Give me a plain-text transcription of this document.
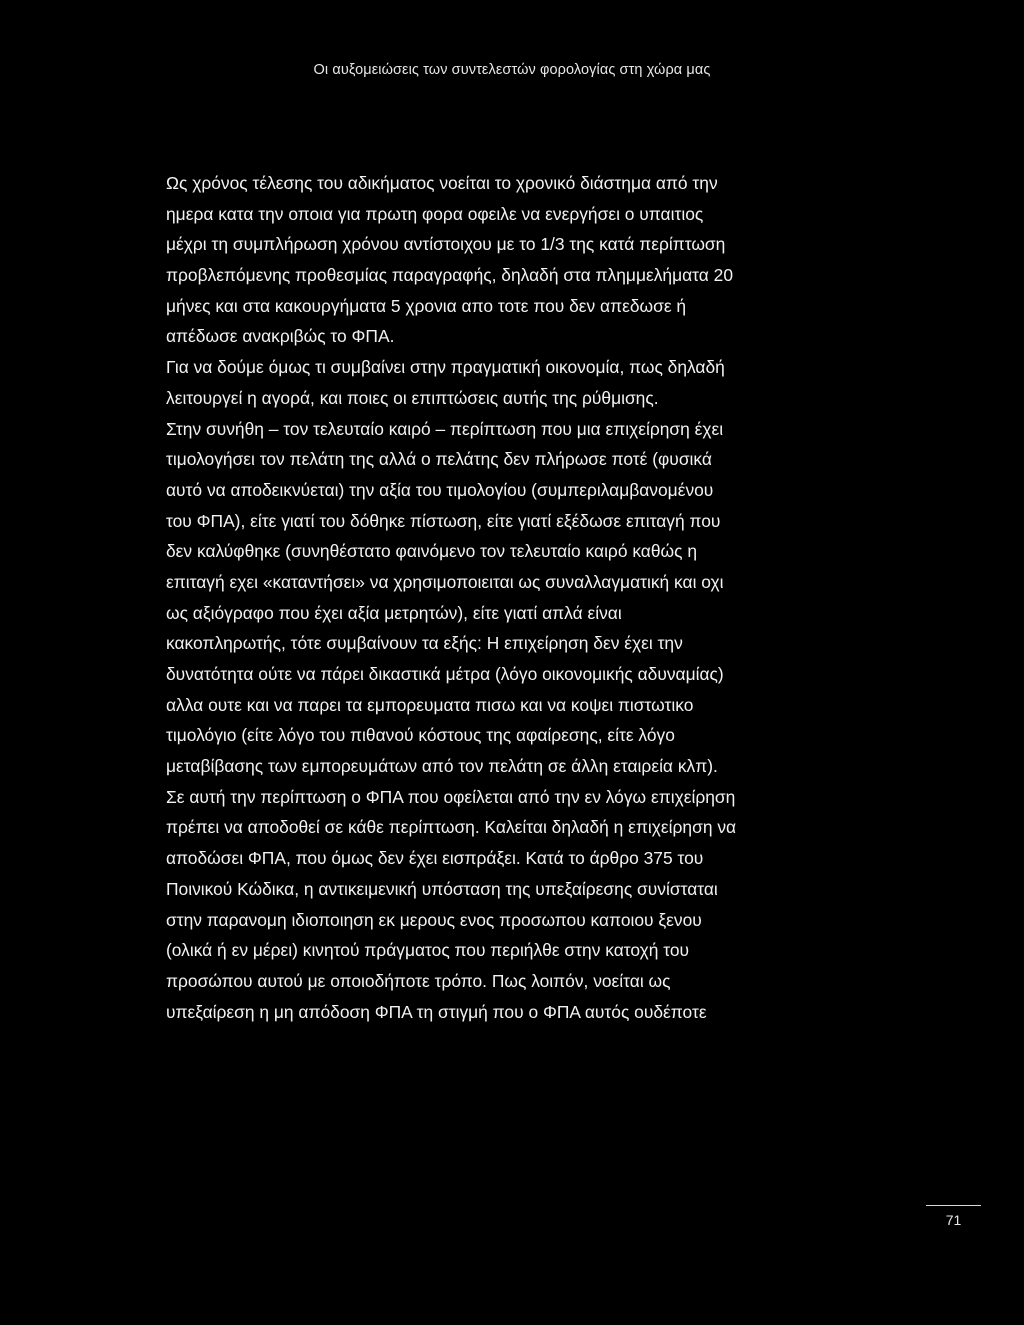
Οι αυξομειώσεις των συντελεστών φορολογίας στη χώρα μας
Ως χρόνος τέλεσης του αδικήματος νοείται το χρονικό διάστημα από την
ημερα κατα την οποια για πρωτη φορα οφειλε να ενεργήσει ο υπαιτιος
μέχρι τη συμπλήρωση χρόνου αντίστοιχου με το 1/3 της κατά περίπτωση
προβλεπόμενης προθεσμίας παραγραφής, δηλαδή στα πλημμελήματα 20
μήνες και στα κακουργήματα 5 χρονια απο τοτε που δεν απεδωσε ή
απέδωσε ανακριβώς το ΦΠΑ.
Για να δούμε όμως τι συμβαίνει στην πραγματική οικονομία, πως δηλαδή
λειτουργεί η αγορά, και ποιες οι επιπτώσεις αυτής της ρύθμισης.
Στην συνήθη – τον τελευταίο καιρό – περίπτωση που μια επιχείρηση έχει
τιμολογήσει τον πελάτη της αλλά ο πελάτης δεν πλήρωσε ποτέ (φυσικά
αυτό να αποδεικνύεται) την αξία του τιμολογίου (συμπεριλαμβανομένου
του ΦΠΑ), είτε γιατί του δόθηκε πίστωση, είτε γιατί εξέδωσε επιταγή που
δεν καλύφθηκε (συνηθέστατο φαινόμενο τον τελευταίο καιρό καθώς η
επιταγή εχει «καταντήσει» να χρησιμοποιειται ως συναλλαγματική και οχι
ως αξιόγραφο που έχει αξία μετρητών), είτε γιατί απλά είναι
κακοπληρωτής, τότε συμβαίνουν τα εξής: Η επιχείρηση δεν έχει την
δυνατότητα ούτε να πάρει δικαστικά μέτρα (λόγο οικονομικής αδυναμίας)
αλλα ουτε και να παρει τα εμπορευματα πισω και να κοψει πιστωτικο
τιμολόγιο (είτε λόγο του πιθανού κόστους της αφαίρεσης, είτε λόγο
μεταβίβασης των εμπορευμάτων από τον πελάτη σε άλλη εταιρεία κλπ).
Σε αυτή την περίπτωση ο ΦΠΑ που οφείλεται από την εν λόγω επιχείρηση
πρέπει να αποδοθεί σε κάθε περίπτωση. Καλείται δηλαδή η επιχείρηση να
αποδώσει ΦΠΑ, που όμως δεν έχει εισπράξει. Κατά το άρθρο 375 του
Ποινικού Κώδικα, η αντικειμενική υπόσταση της υπεξαίρεσης συνίσταται
στην παρανομη ιδιοποιηση εκ μερους ενος προσωπου καποιου ξενου
(ολικά ή εν μέρει) κινητού πράγματος που περιήλθε στην κατοχή του
προσώπου αυτού με οποιοδήποτε τρόπο. Πως λοιπόν, νοείται ως
υπεξαίρεση η μη απόδοση ΦΠΑ τη στιγμή που ο ΦΠΑ αυτός ουδέποτε
71
